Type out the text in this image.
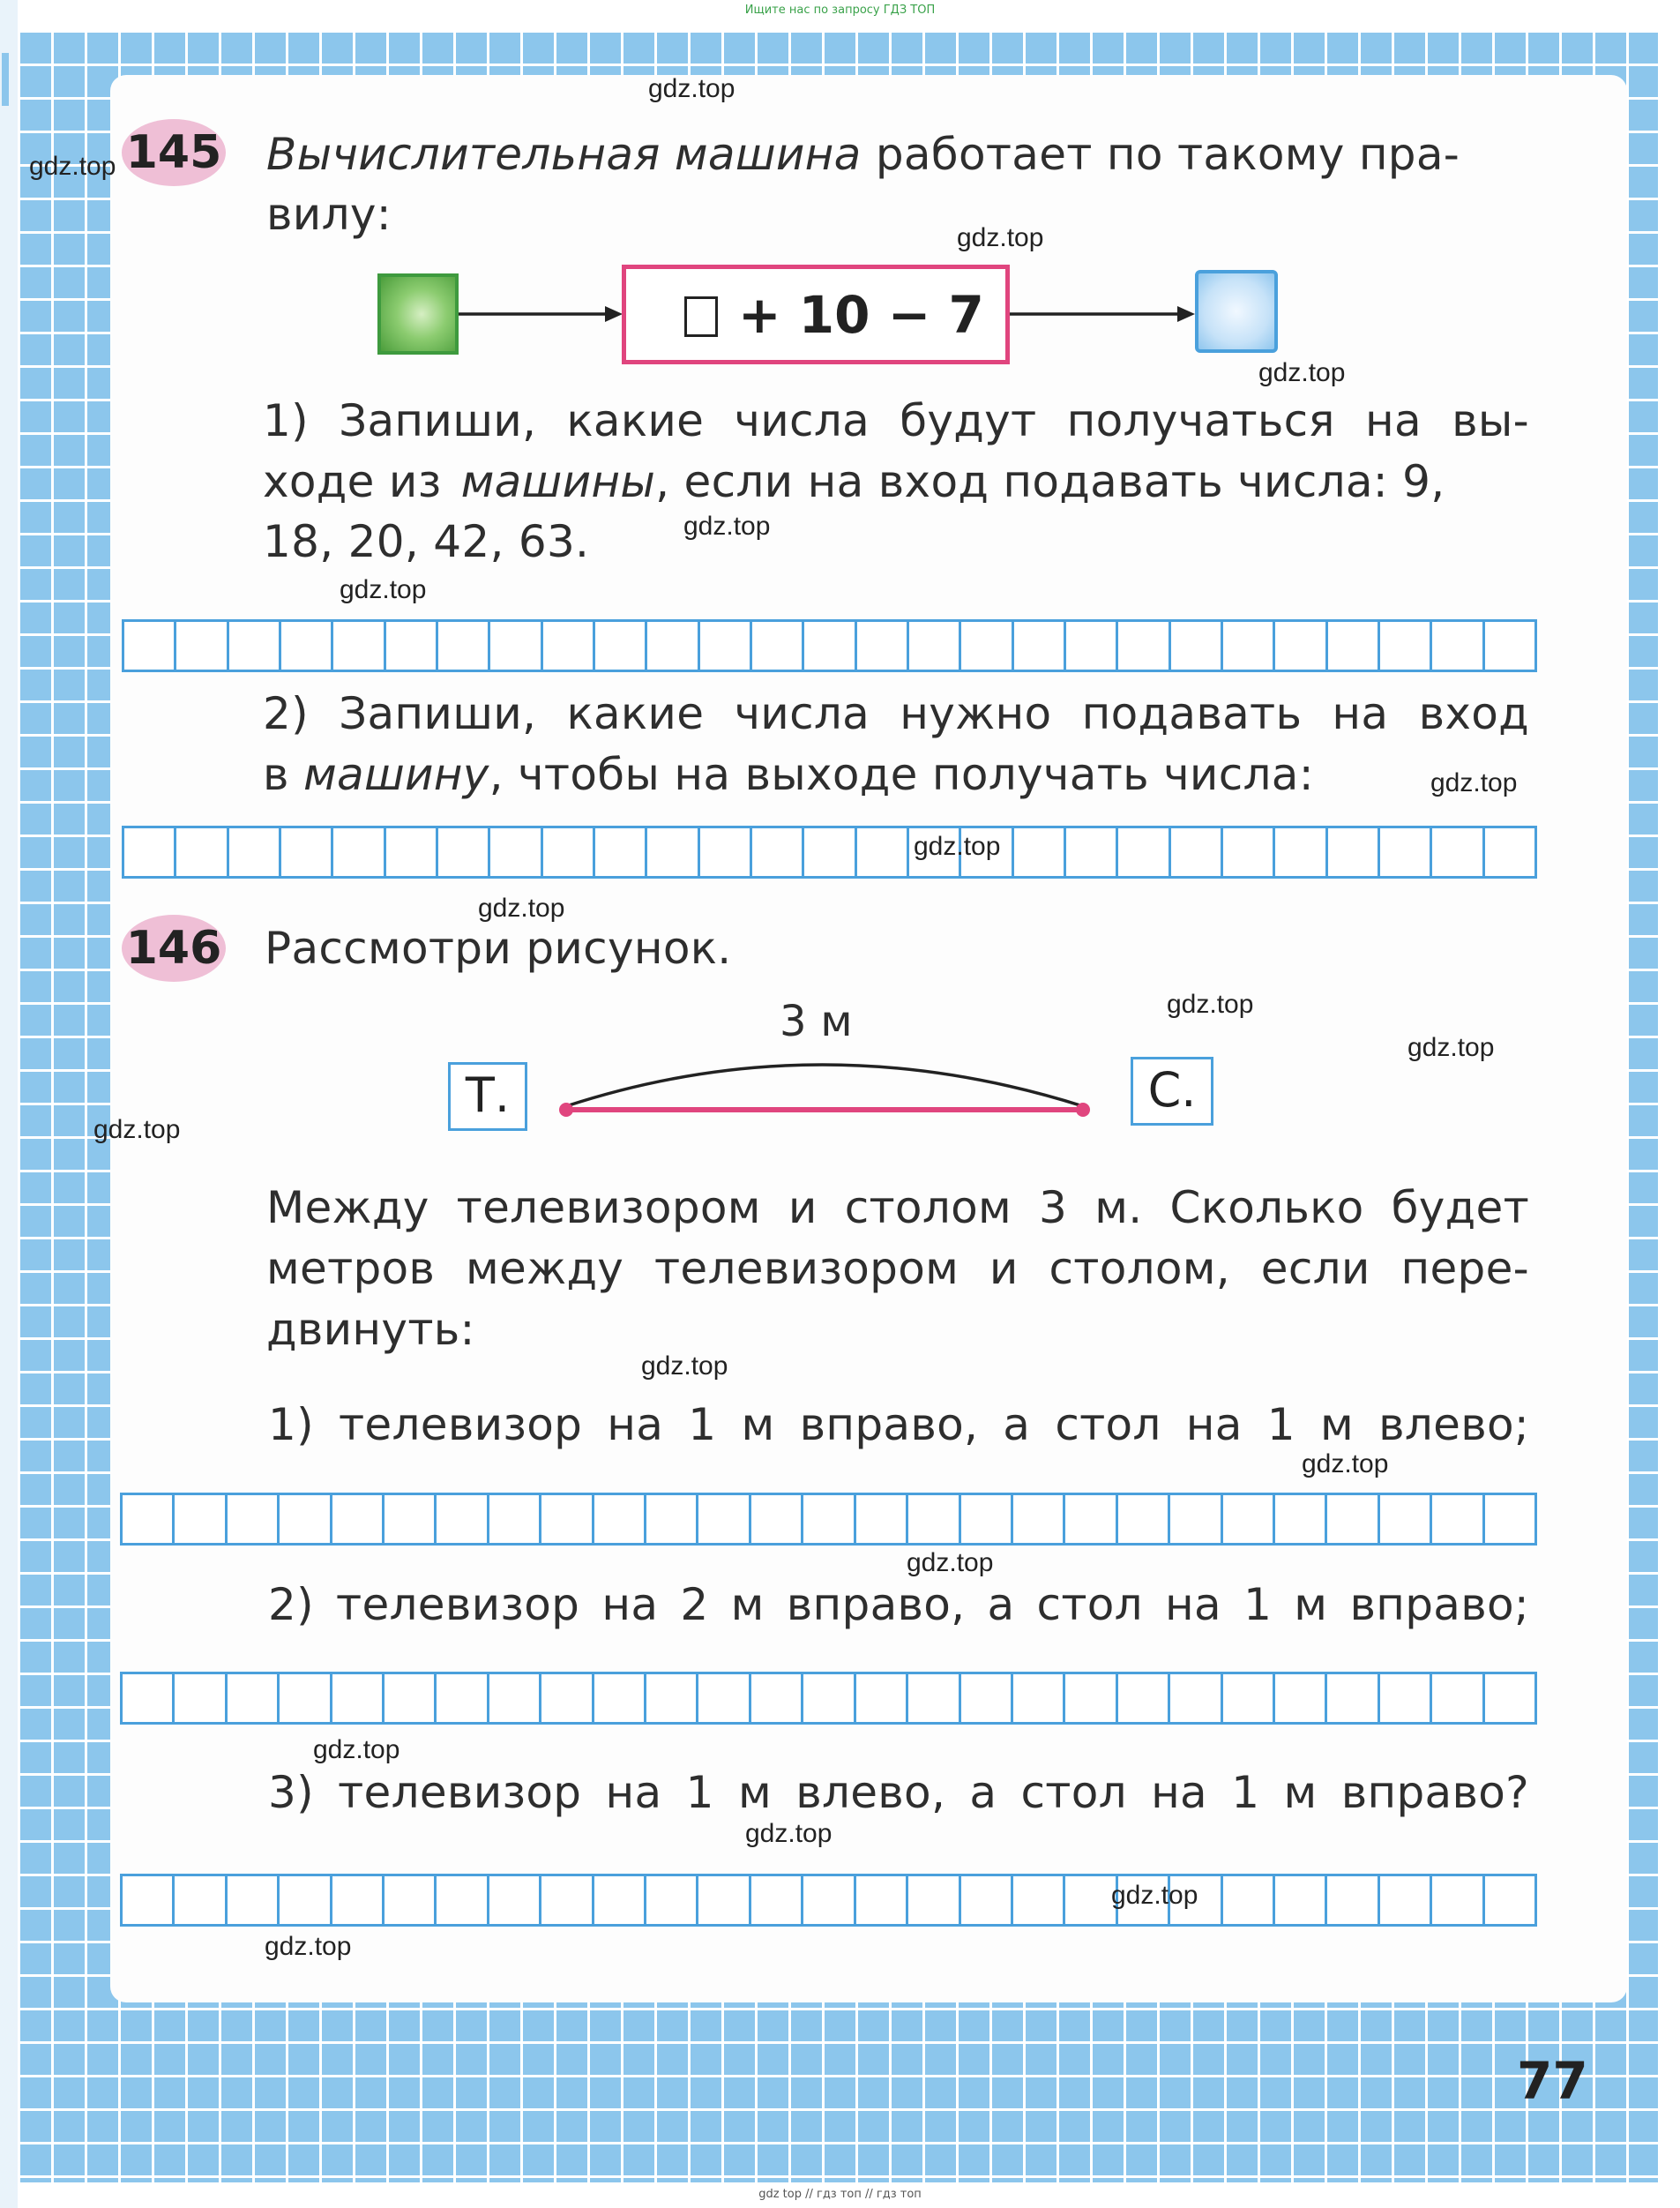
Ищите нас по запросу ГДЗ ТОП
145 Вычислительная машина работает по такому пра-
вилу:
+ 10 − 7
1) Запиши, какие числа будут получаться на вы-
ходе из машины, если на вход подавать числа: 9,
18, 20, 42, 63.
2) Запиши, какие числа нужно подавать на вход
в машину, чтобы на выходе получать числа:
146 Рассмотри рисунок.
3 м
Т.	С.
Между телевизором и столом 3 м. Сколько будет
метров между телевизором и столом, если пере-
двинуть:
1) телевизор на 1 м вправо, а стол на 1 м влево;
2) телевизор на 2 м вправо, а стол на 1 м вправо;
3) телевизор на 1 м влево, а стол на 1 м вправо?
77
gdz.top
gdz.top
gdz.top
gdz.top
gdz.top
gdz.top
gdz.top
gdz.top
gdz.top
gdz.top
gdz.top
gdz.top
gdz.top
gdz.top
gdz.top
gdz.top
gdz.top
gdz.top
gdz.top
gdz top // гдз топ // гдз топ
